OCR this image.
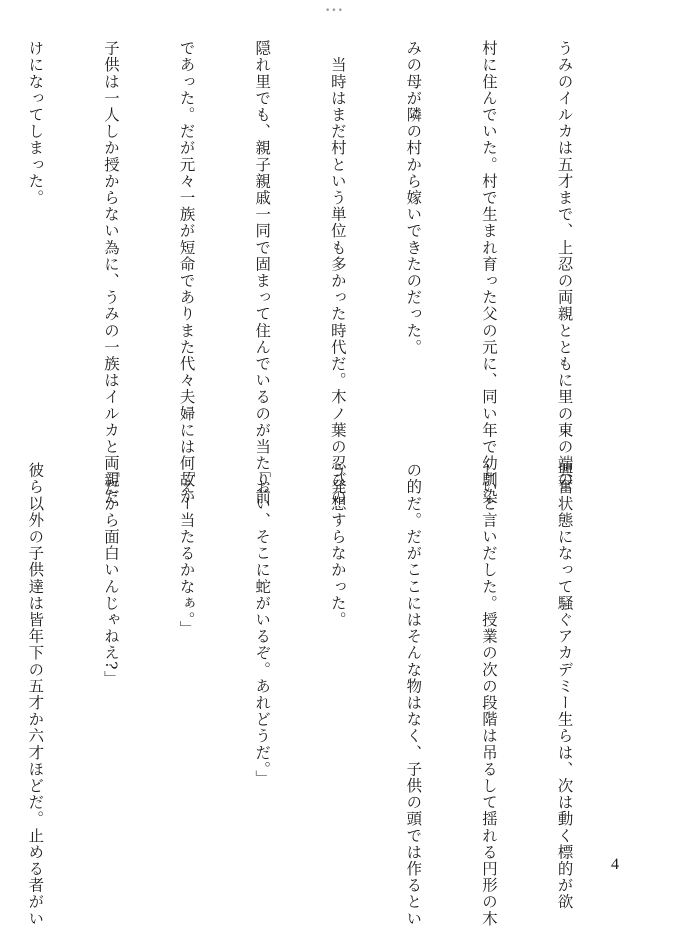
•••

うみのイルカは五才まで、上忍の両親とともに里の東の端の

村に住んでいた。村で生まれ育った父の元に、同い年で幼馴染

みの母が隣の村から嫁いできたのだった。

　当時はまだ村という単位も多かった時代だ。木ノ葉の忍びの

隠れ里でも、親子親戚一同で固まって住んでいるのが当たり前

であった。だが元々一族が短命でありまた代々夫婦には何故か

子供は一人しか授からない為に、うみの一族はイルカと両親だ

けになってしまった。

興奮状態になって騒ぐアカデミー生らは、次は動く標的が欲

しいと言いだした。授業の次の段階は吊るして揺れる円形の木

の的だ。だがここにはそんな物はなく、子供の頭では作るとい

う発想すらなかった。

「おい、そこに蛇がいるぞ。あれどうだ。」

「えー当たるかなぁ。」

「だから面白いんじゃねえ?」

彼ら以外の子供達は皆年下の五才か六才ほどだ。止める者がい

	4
